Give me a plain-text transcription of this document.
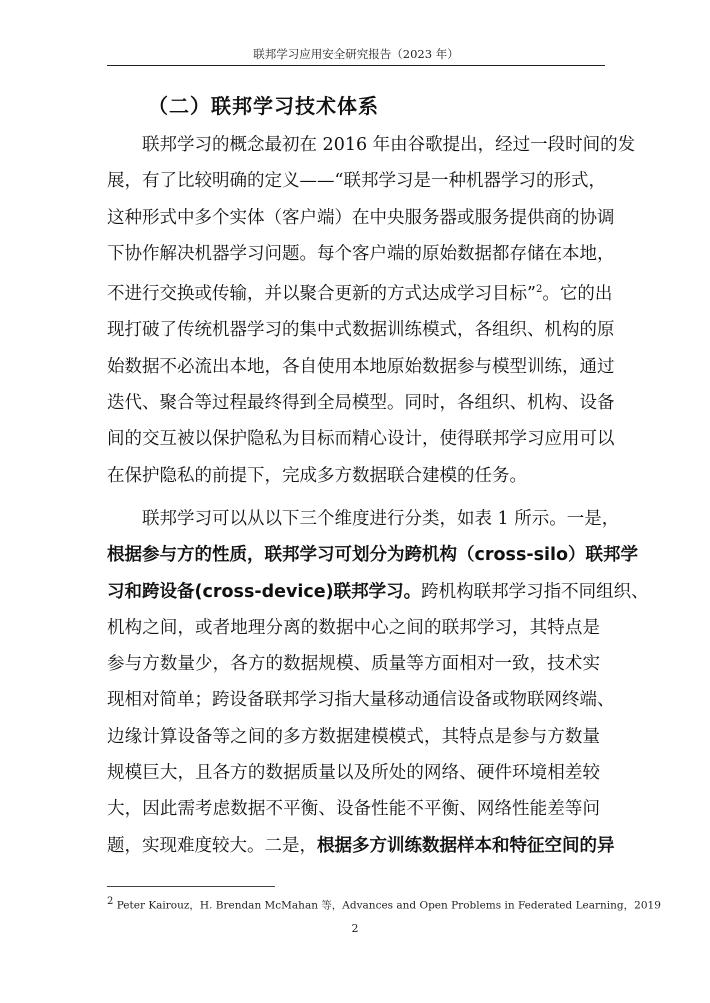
联邦学习应用安全研究报告（2023 年）
（二）联邦学习技术体系
联邦学习的概念最初在 2016 年由谷歌提出，经过一段时间的发
展，有了比较明确的定义——“联邦学习是一种机器学习的形式，
这种形式中多个实体（客户端）在中央服务器或服务提供商的协调
下协作解决机器学习问题。每个客户端的原始数据都存储在本地，
不进行交换或传输，并以聚合更新的方式达成学习目标”$^2$。它的出
现打破了传统机器学习的集中式数据训练模式，各组织、机构的原
始数据不必流出本地，各自使用本地原始数据参与模型训练，通过
迭代、聚合等过程最终得到全局模型。同时，各组织、机构、设备
间的交互被以保护隐私为目标而精心设计，使得联邦学习应用可以
在保护隐私的前提下，完成多方数据联合建模的任务。
联邦学习可以从以下三个维度进行分类，如表 1 所示。一是，
根据参与方的性质，联邦学习可划分为跨机构（cross-silo）联邦学
习和跨设备(cross-device)联邦学习。跨机构联邦学习指不同组织、
机构之间，或者地理分离的数据中心之间的联邦学习，其特点是
参与方数量少，各方的数据规模、质量等方面相对一致，技术实
现相对简单；跨设备联邦学习指大量移动通信设备或物联网终端、
边缘计算设备等之间的多方数据建模模式，其特点是参与方数量
规模巨大，且各方的数据质量以及所处的网络、硬件环境相差较
大，因此需考虑数据不平衡、设备性能不平衡、网络性能差等问
题，实现难度较大。二是，根据多方训练数据样本和特征空间的异
$^2$ Peter Kairouz，H. Brendan McMahan 等，Advances and Open Problems in Federated Learning，2019
2
